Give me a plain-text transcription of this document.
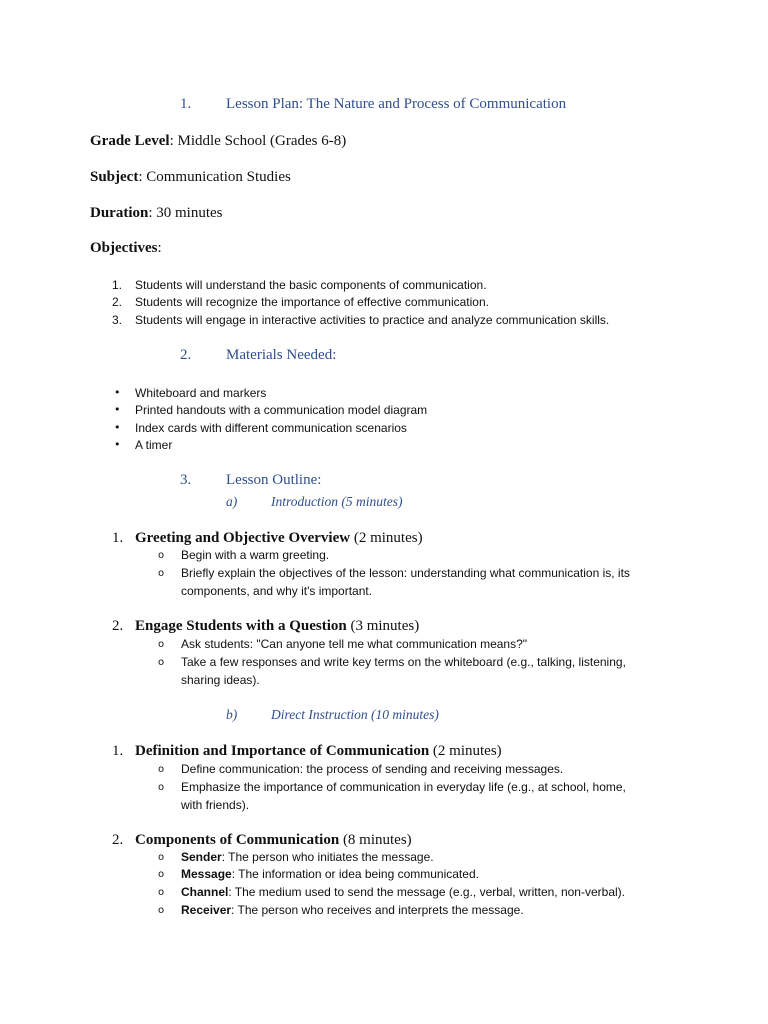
1. Lesson Plan: The Nature and Process of Communication
Grade Level: Middle School (Grades 6-8)
Subject: Communication Studies
Duration: 30 minutes
Objectives:
1. Students will understand the basic components of communication.
2. Students will recognize the importance of effective communication.
3. Students will engage in interactive activities to practice and analyze communication skills.
2. Materials Needed:
• Whiteboard and markers
• Printed handouts with a communication model diagram
• Index cards with different communication scenarios
• A timer
3. Lesson Outline:
a)	Introduction (5 minutes)
1. Greeting and Objective Overview (2 minutes)
o Begin with a warm greeting.
o Briefly explain the objectives of the lesson: understanding what communication is, its
components, and why it's important.
2. Engage Students with a Question (3 minutes)
o Ask students: "Can anyone tell me what communication means?"
o Take a few responses and write key terms on the whiteboard (e.g., talking, listening,
sharing ideas).
b)	Direct Instruction (10 minutes)
1. Definition and Importance of Communication (2 minutes)
o Define communication: the process of sending and receiving messages.
o Emphasize the importance of communication in everyday life (e.g., at school, home,
with friends).
2. Components of Communication (8 minutes)
o Sender: The person who initiates the message.
o Message: The information or idea being communicated.
o Channel: The medium used to send the message (e.g., verbal, written, non-verbal).
o Receiver: The person who receives and interprets the message.
